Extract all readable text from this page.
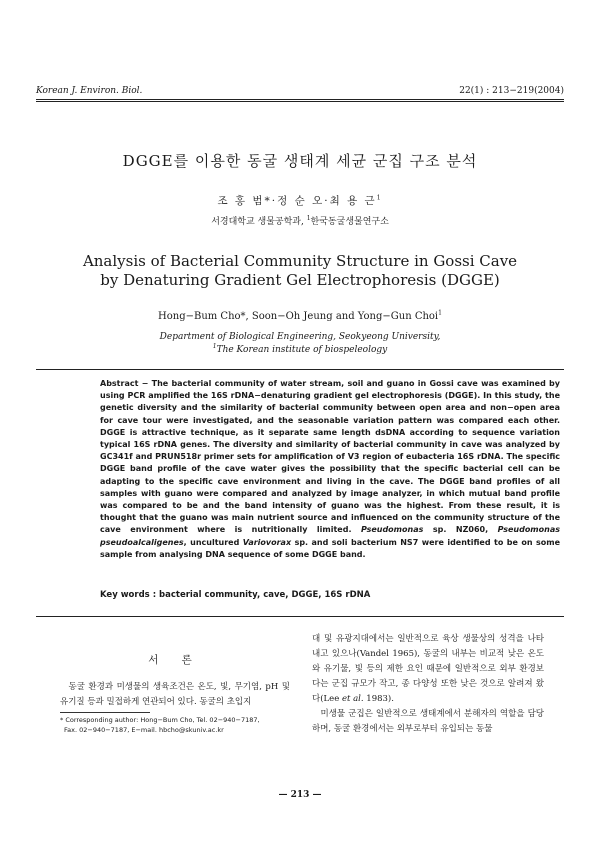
Korean J. Environ. Biol.	22(1) : 213−219(2004)
DGGE를 이용한 동굴 생태계 세균 군집 구조 분석
조 홍 범*·정 순 오·최 용 근$^1$
서경대학교 생물공학과, $^1$한국동굴생물연구소
Analysis of Bacterial Community Structure in Gossi Cave
by Denaturing Gradient Gel Electrophoresis (DGGE)
Hong−Bum Cho*, Soon−Oh Jeung and Yong−Gun Choi$^1$
Department of Biological Engineering, Seokyeong University,
$^1$The Korean institute of biospeleology
Abstract − The bacterial community of water stream, soil and guano in Gossi cave was examined by using PCR amplified the 16S rDNA−denaturing gradient gel electrophoresis (DGGE). In this study, the genetic diversity and the similarity of bacterial community between open area and non−open area for cave tour were investigated, and the seasonable variation pattern was compared each other. DGGE is attractive technique, as it separate same length dsDNA according to sequence variation typical 16S rDNA genes. The diversity and similarity of bacterial community in cave was analyzed by GC341f and PRUN518r primer sets for amplification of V3 region of eubacteria 16S rDNA. The specific DGGE band profile of the cave water gives the possibility that the specific bacterial cell can be adapting to the specific cave environment and living in the cave. The DGGE band profiles of all samples with guano were compared and analyzed by image analyzer, in which mutual band profile was compared to be and the band intensity of guano was the highest. From these result, it is thought that the guano was main nutrient source and influenced on the community structure of the cave environment where is nutritionally limited. Pseudomonas sp. NZ060, Pseudomonas pseudoalcaligenes, uncultured Variovorax sp. and soli bacterium NS7 were identified to be on some sample from analysing DNA sequence of some DGGE band.
Key words : bacterial community, cave, DGGE, 16S rDNA
서 론
동굴 환경과 미생물의 생육조건은 온도, 빛, 무기염, pH 및 유기질 등과 밀접하게 연관되어 있다. 동굴의 초입지

대 및 유광지대에서는 일반적으로 육상 생물상의 성격을 나타내고 있으나(Vandel 1965), 동굴의 내부는 비교적 낮은 온도와 유기물, 빛 등의 제한 요인 때문에 일반적으로 외부 환경보다는 군집 규모가 작고, 종 다양성 또한 낮은 것으로 알려져 왔다(Lee et al. 1983).

미생물 군집은 일반적으로 생태계에서 분해자의 역할을 담당하며, 동굴 환경에서는 외부로부터 유입되는 동물

* Corresponding author: Hong−Bum Cho, Tel. 02−940−7187,
Fax. 02−940−7187, E−mail. hbcho@skuniv.ac.kr
— 213 —
